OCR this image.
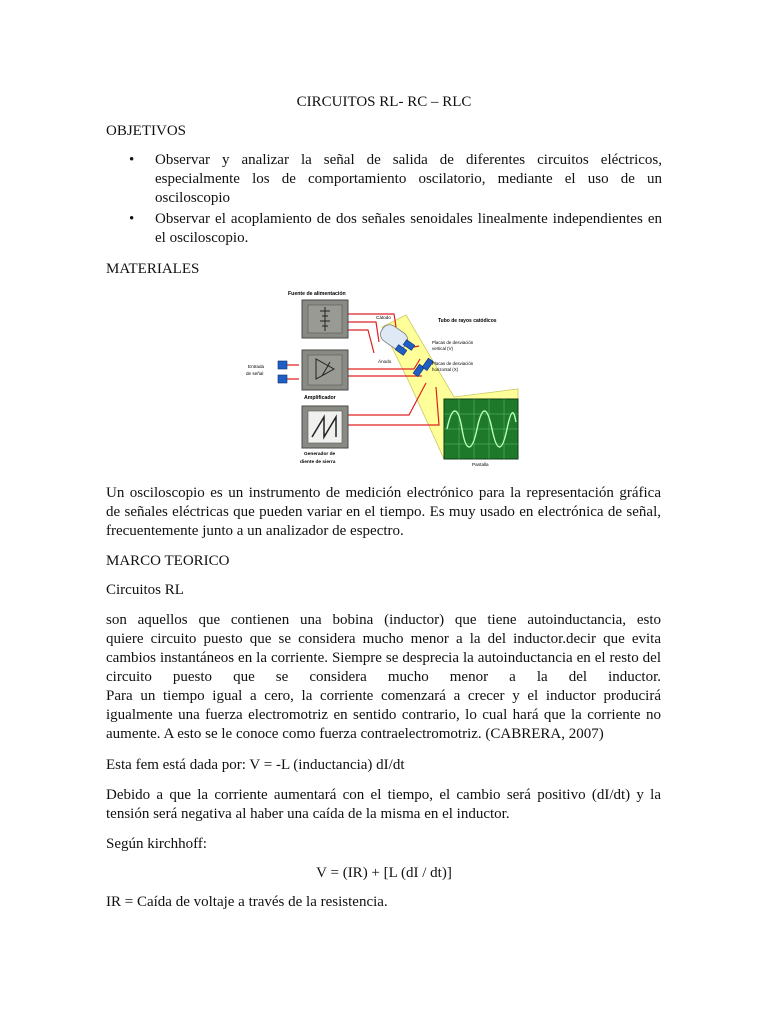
CIRCUITOS RL- RC – RLC
OBJETIVOS
• Observar y analizar la señal de salida de diferentes circuitos eléctricos, especialmente los de comportamiento oscilatorio, mediante el uso de un osciloscopio
• Observar el acoplamiento de dos señales senoidales linealmente independientes en el osciloscopio.
MATERIALES
Fuente de alimentación
Cátodo
Tubo de rayos catódicos
Placas de desviación
vertical (V)
Ánodo	Placas de desviación
horizontal (X)
Entrada
de señal
Amplificador
Generador de
diente de sierra	Pantalla
Un osciloscopio es un instrumento de medición electrónico para la representación gráfica
de señales eléctricas que pueden variar en el tiempo. Es muy usado en electrónica de señal,
frecuentemente junto a un analizador de espectro.
MARCO TEORICO
Circuitos RL
son aquellos que contienen una bobina (inductor) que tiene autoinductancia, esto
quiere circuito puesto que se considera mucho menor a la del inductor.decir que evita
cambios instantáneos en la corriente. Siempre se desprecia la autoinductancia en el resto del
circuito puesto que se considera mucho menor a la del inductor.
Para un tiempo igual a cero, la corriente comenzará a crecer y el inductor producirá
igualmente una fuerza electromotriz en sentido contrario, lo cual hará que la corriente no
aumente. A esto se le conoce como fuerza contraelectromotriz. (CABRERA, 2007)
Esta fem está dada por: V = -L (inductancia) dI/dt
Debido a que la corriente aumentará con el tiempo, el cambio será positivo (dI/dt) y la
tensión será negativa al haber una caída de la misma en el inductor.
Según kirchhoff:
V = (IR) + [L (dI / dt)]
IR = Caída de voltaje a través de la resistencia.
